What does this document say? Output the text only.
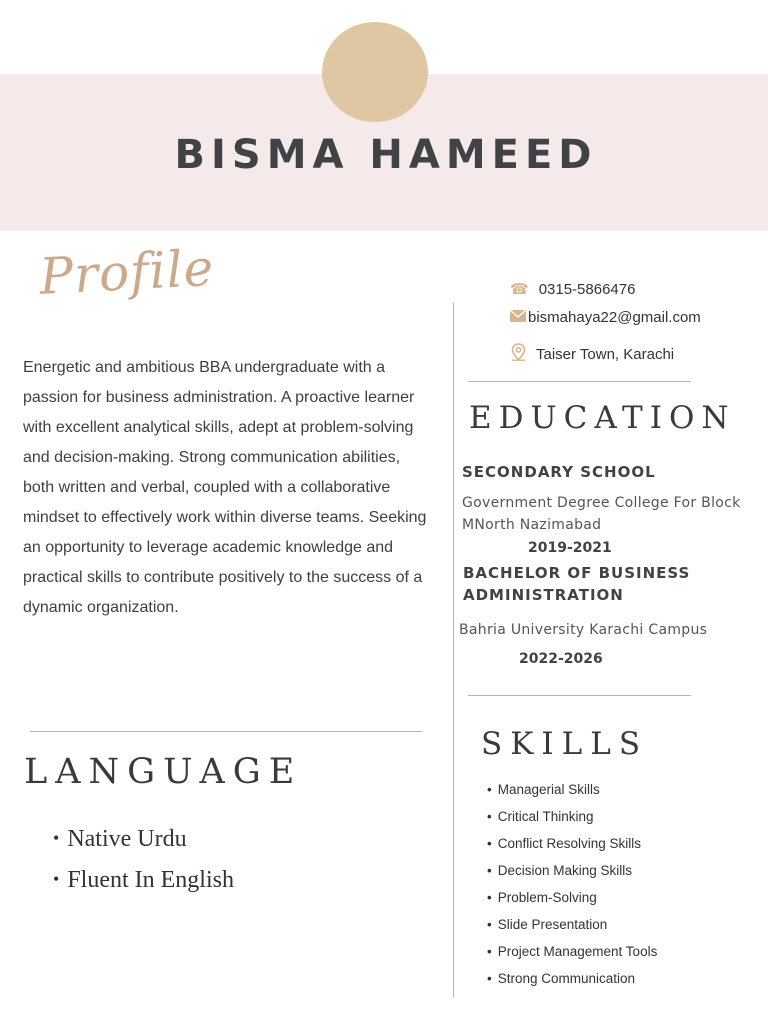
BISMA HAMEED
Profile
Energetic and ambitious BBA undergraduate with a passion for business administration. A proactive learner with excellent analytical skills, adept at problem-solving and decision-making. Strong communication abilities, both written and verbal, coupled with a collaborative mindset to effectively work within diverse teams. Seeking an opportunity to leverage academic knowledge and practical skills to contribute positively to the success of a dynamic organization.
LANGUAGE
• Native Urdu
• Fluent In English
☎ 0315-5866476
bismahaya22@gmail.com
Taiser Town, Karachi
EDUCATION
SECONDARY SCHOOL
Government Degree College For Block MNorth Nazimabad
2019-2021
BACHELOR OF BUSINESS ADMINISTRATION
Bahria University Karachi Campus
2022-2026
SKILLS
• Managerial Skills
• Critical Thinking
• Conflict Resolving Skills
• Decision Making Skills
• Problem-Solving
• Slide Presentation
• Project Management Tools
• Strong Communication
